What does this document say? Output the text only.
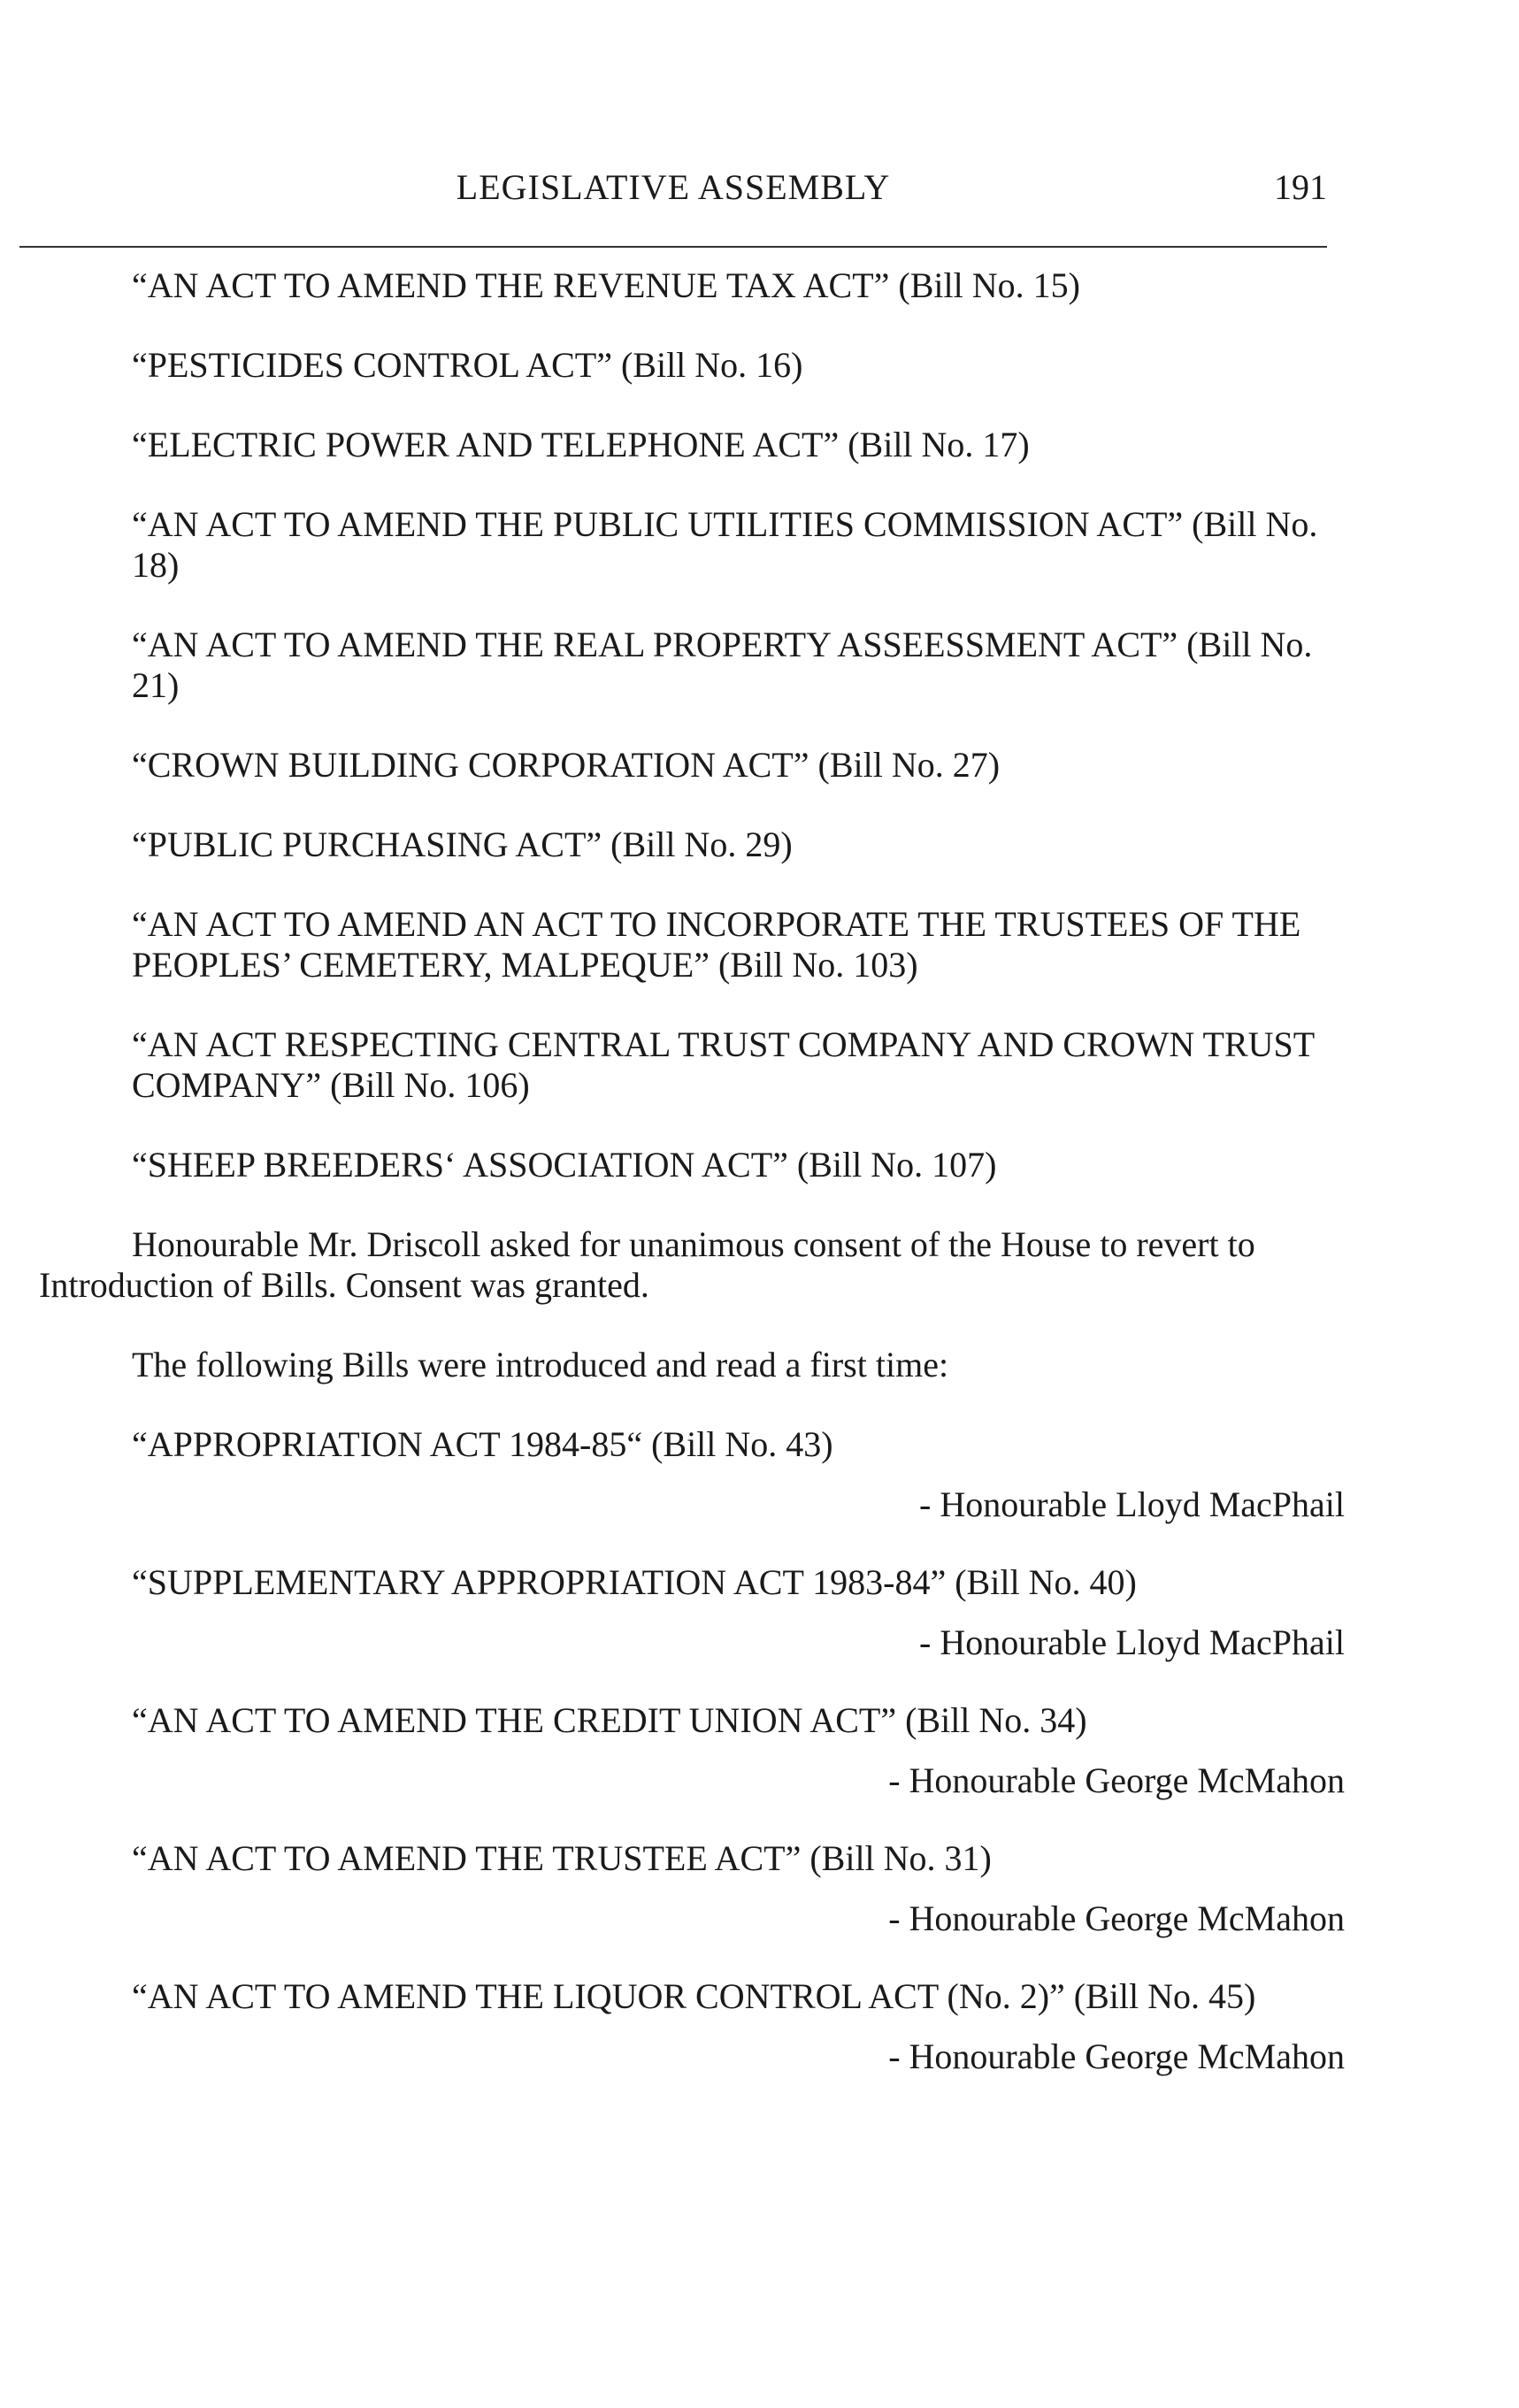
LEGISLATIVE ASSEMBLY	191
“AN ACT TO AMEND THE REVENUE TAX ACT” (Bill No. 15)
“PESTICIDES CONTROL ACT” (Bill No. 16)
“ELECTRIC POWER AND TELEPHONE ACT” (Bill No. 17)
“AN ACT TO AMEND THE PUBLIC UTILITIES COMMISSION ACT” (Bill No. 18)
“AN ACT TO AMEND THE REAL PROPERTY ASSEESSMENT ACT” (Bill No. 21)
“CROWN BUILDING CORPORATION ACT” (Bill No. 27)
“PUBLIC PURCHASING ACT” (Bill No. 29)
“AN ACT TO AMEND AN ACT TO INCORPORATE THE TRUSTEES OF THE PEOPLES’ CEMETERY, MALPEQUE” (Bill No. 103)
“AN ACT RESPECTING CENTRAL TRUST COMPANY AND CROWN TRUST COMPANY” (Bill No. 106)
“SHEEP BREEDERS‘ ASSOCIATION ACT” (Bill No. 107)

Honourable Mr. Driscoll asked for unanimous consent of the House to revert to Introduction of Bills. Consent was granted.

The following Bills were introduced and read a first time:

“APPROPRIATION ACT 1984-85“ (Bill No. 43)
- Honourable Lloyd MacPhail
“SUPPLEMENTARY APPROPRIATION ACT 1983-84” (Bill No. 40)
- Honourable Lloyd MacPhail
“AN ACT TO AMEND THE CREDIT UNION ACT” (Bill No. 34)
- Honourable George McMahon
“AN ACT TO AMEND THE TRUSTEE ACT” (Bill No. 31)
- Honourable George McMahon
“AN ACT TO AMEND THE LIQUOR CONTROL ACT (No. 2)” (Bill No. 45)
- Honourable George McMahon
